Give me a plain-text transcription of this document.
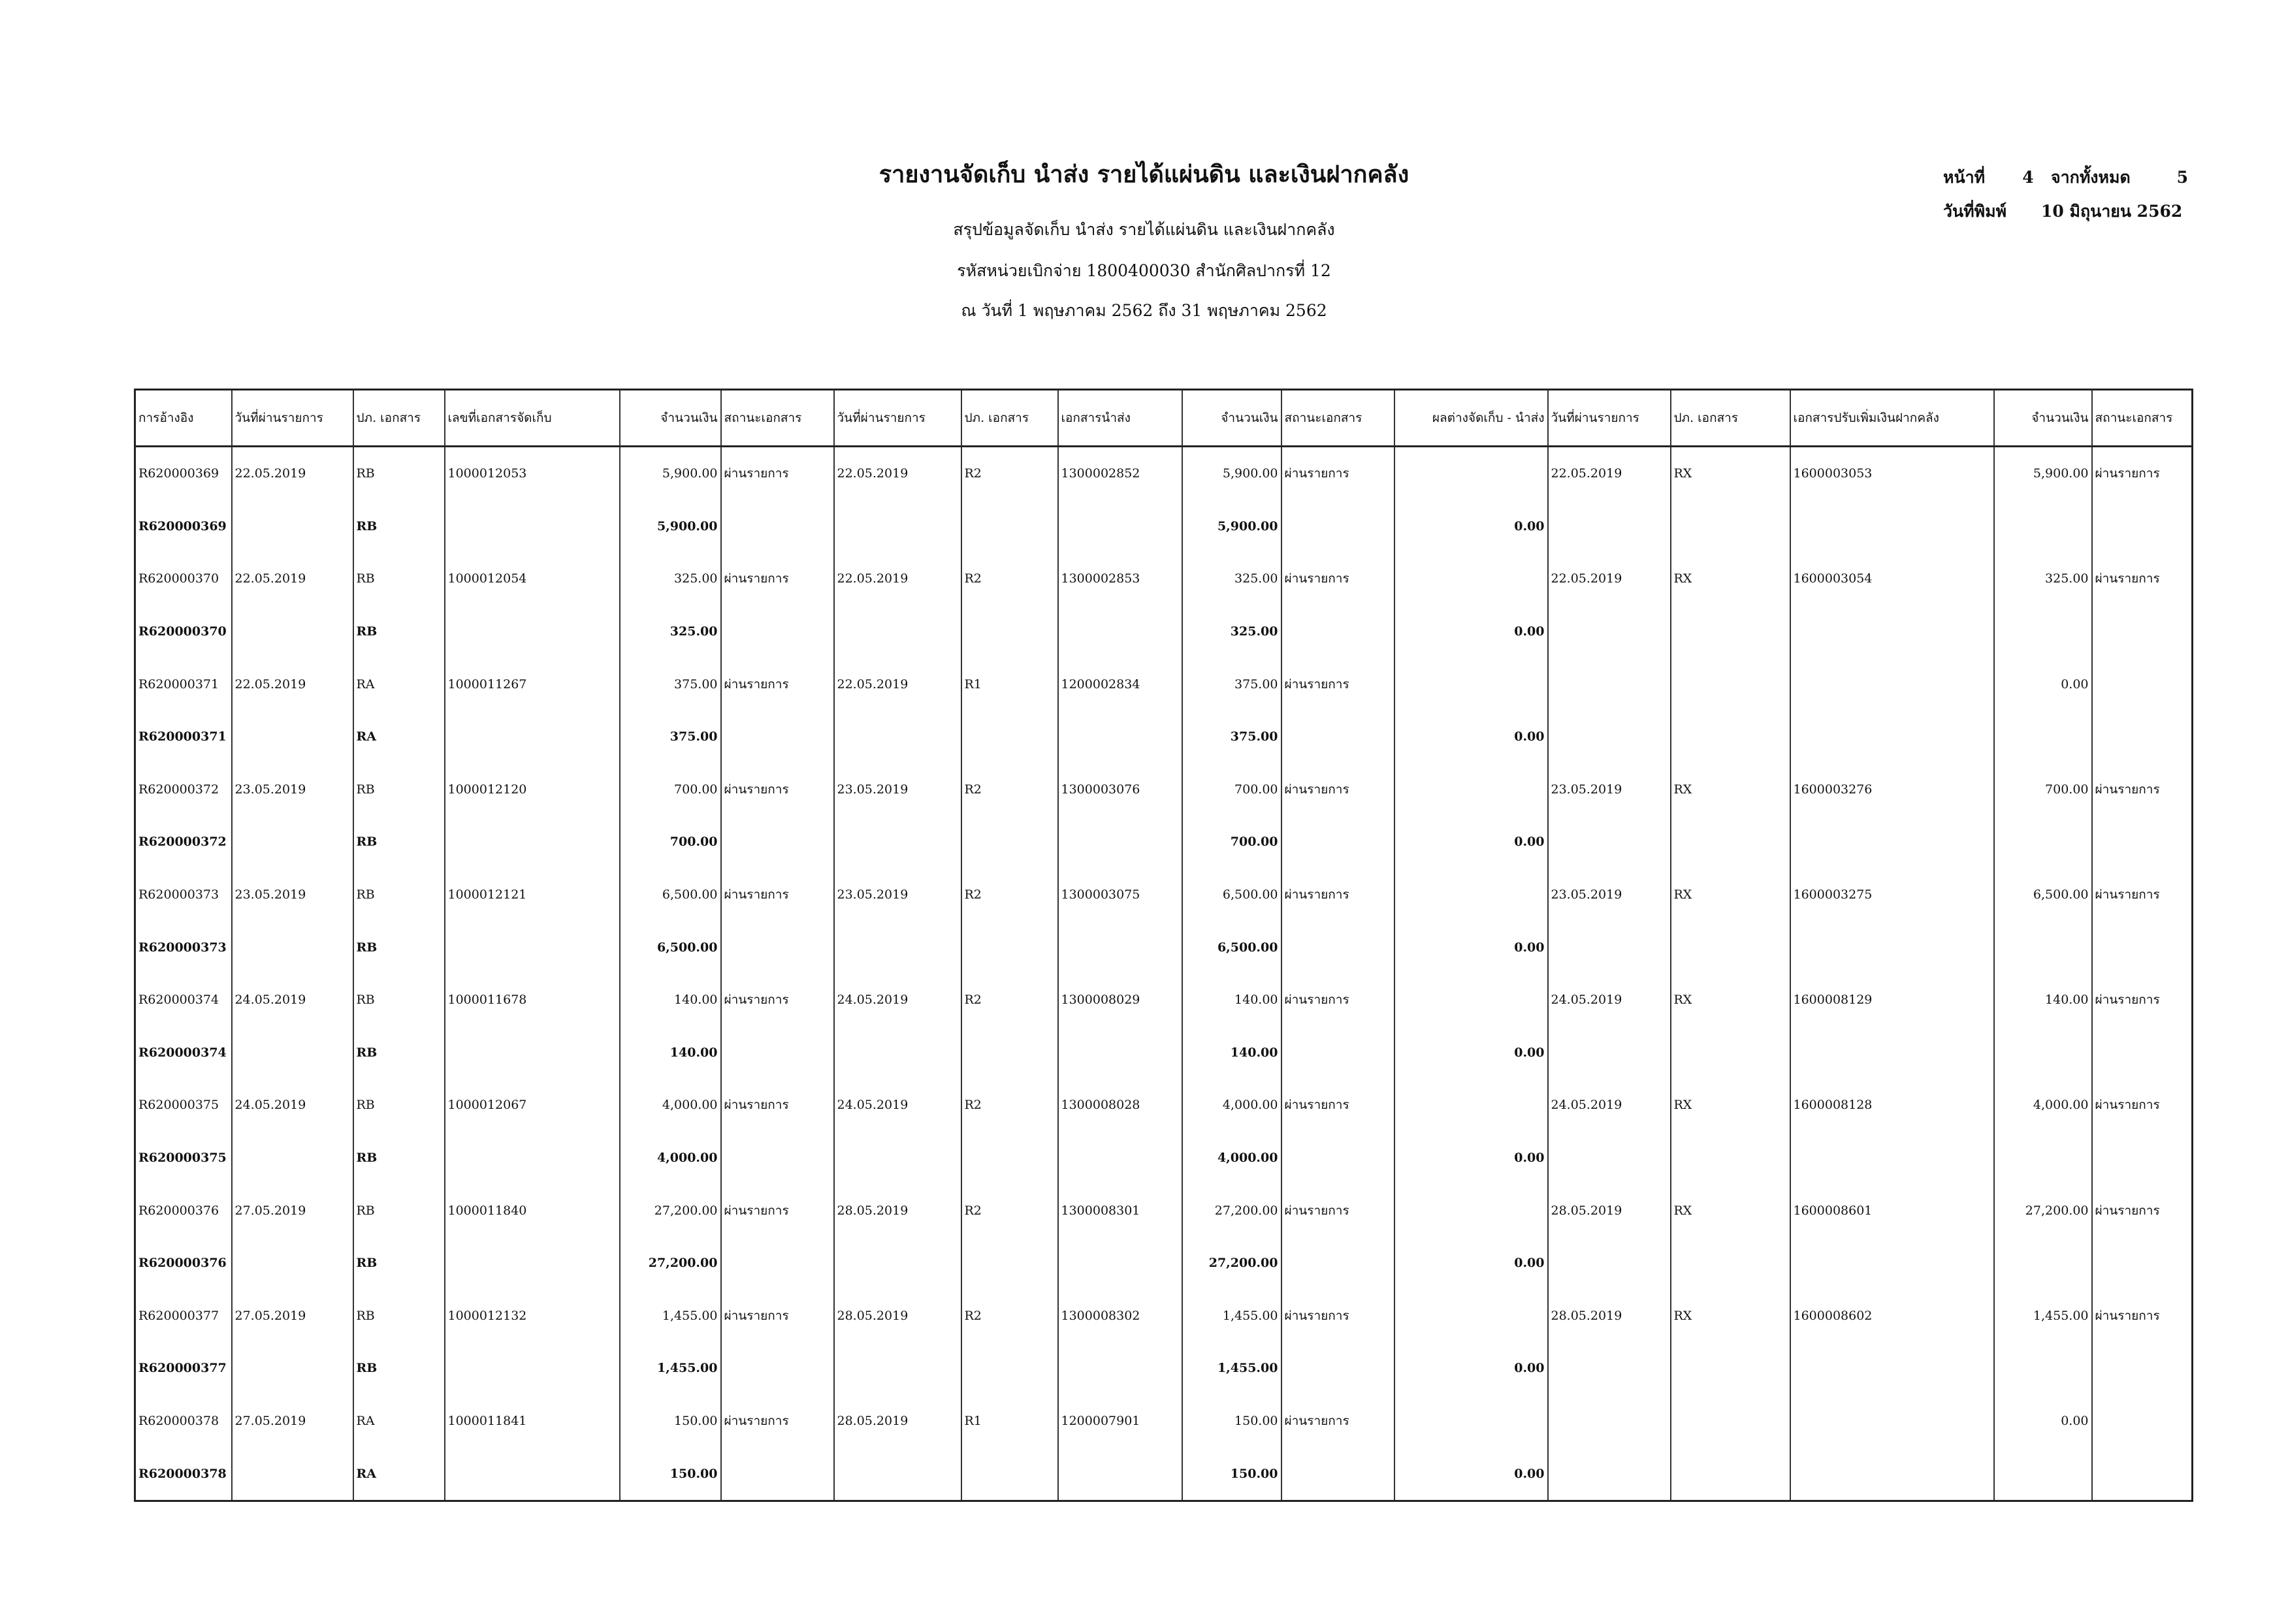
รายงานจัดเก็บ นำส่ง รายได้แผ่นดิน และเงินฝากคลัง
สรุปข้อมูลจัดเก็บ นำส่ง รายได้แผ่นดิน และเงินฝากคลัง
รหัสหน่วยเบิกจ่าย 1800400030 สำนักศิลปากรที่ 12
ณ วันที่ 1 พฤษภาคม 2562 ถึง 31 พฤษภาคม 2562
หน้าที่ 4 จากทั้งหมด	5
วันที่พิมพ์ 10 มิถุนายน 2562
การอ้างอิง	วันที่ผ่านรายการ	ปภ. เอกสาร	เลขที่เอกสารจัดเก็บ	จำนวนเงิน	สถานะเอกสาร	วันที่ผ่านรายการ	ปภ. เอกสาร	เอกสารนำส่ง	จำนวนเงิน	สถานะเอกสาร	ผลต่างจัดเก็บ - นำส่ง	วันที่ผ่านรายการ	ปภ. เอกสาร	เอกสารปรับเพิ่มเงินฝากคลัง	จำนวนเงิน	สถานะเอกสาร
R620000369	22.05.2019	RB	1000012053	5,900.00	ผ่านรายการ	22.05.2019	R2	1300002852	5,900.00	ผ่านรายการ		22.05.2019	RX	1600003053	5,900.00	ผ่านรายการ
R620000369		RB		5,900.00					5,900.00		0.00					
R620000370	22.05.2019	RB	1000012054	325.00	ผ่านรายการ	22.05.2019	R2	1300002853	325.00	ผ่านรายการ		22.05.2019	RX	1600003054	325.00	ผ่านรายการ
R620000370		RB		325.00					325.00		0.00					
R620000371	22.05.2019	RA	1000011267	375.00	ผ่านรายการ	22.05.2019	R1	1200002834	375.00	ผ่านรายการ					0.00	
R620000371		RA		375.00					375.00		0.00					
R620000372	23.05.2019	RB	1000012120	700.00	ผ่านรายการ	23.05.2019	R2	1300003076	700.00	ผ่านรายการ		23.05.2019	RX	1600003276	700.00	ผ่านรายการ
R620000372		RB		700.00					700.00		0.00					
R620000373	23.05.2019	RB	1000012121	6,500.00	ผ่านรายการ	23.05.2019	R2	1300003075	6,500.00	ผ่านรายการ		23.05.2019	RX	1600003275	6,500.00	ผ่านรายการ
R620000373		RB		6,500.00					6,500.00		0.00					
R620000374	24.05.2019	RB	1000011678	140.00	ผ่านรายการ	24.05.2019	R2	1300008029	140.00	ผ่านรายการ		24.05.2019	RX	1600008129	140.00	ผ่านรายการ
R620000374		RB		140.00					140.00		0.00					
R620000375	24.05.2019	RB	1000012067	4,000.00	ผ่านรายการ	24.05.2019	R2	1300008028	4,000.00	ผ่านรายการ		24.05.2019	RX	1600008128	4,000.00	ผ่านรายการ
R620000375		RB		4,000.00					4,000.00		0.00					
R620000376	27.05.2019	RB	1000011840	27,200.00	ผ่านรายการ	28.05.2019	R2	1300008301	27,200.00	ผ่านรายการ		28.05.2019	RX	1600008601	27,200.00	ผ่านรายการ
R620000376		RB		27,200.00					27,200.00		0.00					
R620000377	27.05.2019	RB	1000012132	1,455.00	ผ่านรายการ	28.05.2019	R2	1300008302	1,455.00	ผ่านรายการ		28.05.2019	RX	1600008602	1,455.00	ผ่านรายการ
R620000377		RB		1,455.00					1,455.00		0.00					
R620000378	27.05.2019	RA	1000011841	150.00	ผ่านรายการ	28.05.2019	R1	1200007901	150.00	ผ่านรายการ					0.00	
R620000378		RA		150.00					150.00		0.00					
